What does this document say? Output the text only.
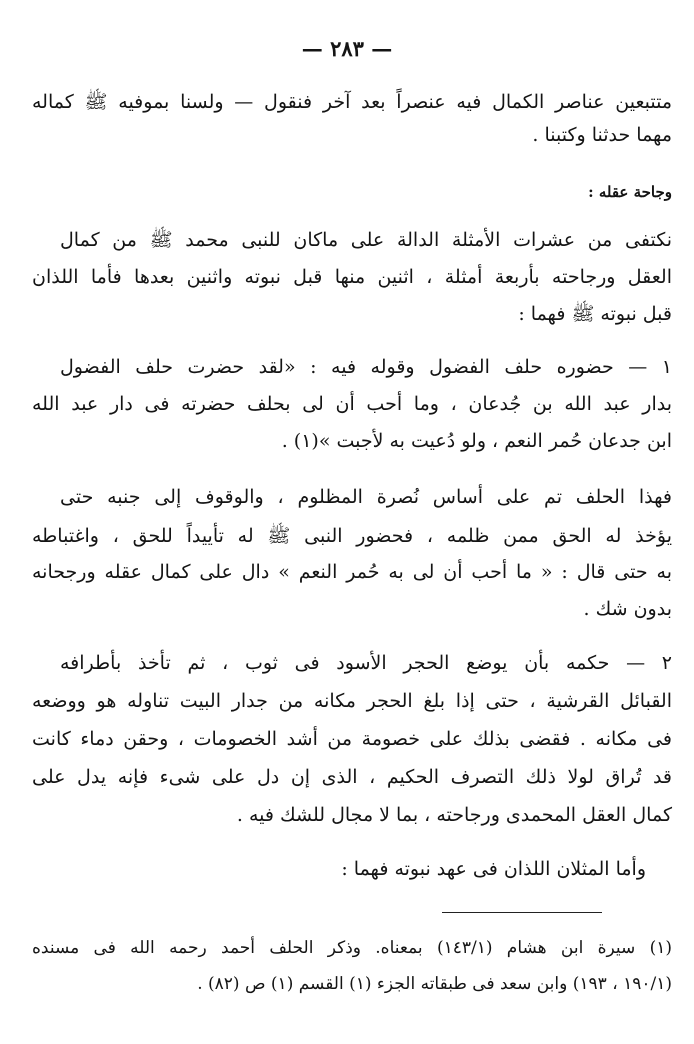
— ٢٨٣ —
متتبعين عناصر الكمال فيه عنصراً بعد آخر فنقول — ولسنا بموفيه ﷺ كماله
مهما حدثنا وكتبنا .
وجاحة عقله :
نكتفى من عشرات الأمثلة الدالة على ماكان للنبى محمد ﷺ من كمال
العقل ورجاحته بأربعة أمثلة ، اثنين منها قبل نبوته واثنين بعدها فأما اللذان
قبل نبوته ﷺ فهما :
١ — حضوره حلف الفضول وقوله فيه : «لقد حضرت حلف الفضول
بدار عبد الله بن جُدعان ، وما أحب أن لى بحلف حضرته فى دار عبد الله
ابن جدعان حُمر النعم ، ولو دُعيت به لأجبت »(١) .
فهذا الحلف تم على أساس نُصرة المظلوم ، والوقوف إلى جنبه حتى
يؤخذ له الحق ممن ظلمه ، فحضور النبى ﷺ له تأييداً للحق ، واغتباطه
به حتى قال : « ما أحب أن لى به حُمر النعم » دال على كمال عقله ورجحانه
بدون شك .
٢ — حكمه بأن يوضع الحجر الأسود فى ثوب ، ثم تأخذ بأطرافه
القبائل القرشية ، حتى إذا بلغ الحجر مكانه من جدار البيت تناوله هو ووضعه
فى مكانه . فقضى بذلك على خصومة من أشد الخصومات ، وحقن دماء كانت
قد تُراق لولا ذلك التصرف الحكيم ، الذى إن دل على شىء فإنه يدل على
كمال العقل المحمدى ورجاحته ، بما لا مجال للشك فيه .
وأما المثلان اللذان فى عهد نبوته فهما :
(١) سيرة ابن هشام (١٤٣/١) بمعناه. وذكر الحلف أحمد رحمه الله فى مسنده
(١٩٠/١ ، ١٩٣) وابن سعد فى طبقاته الجزء (١) القسم (١) ص (٨٢) .
